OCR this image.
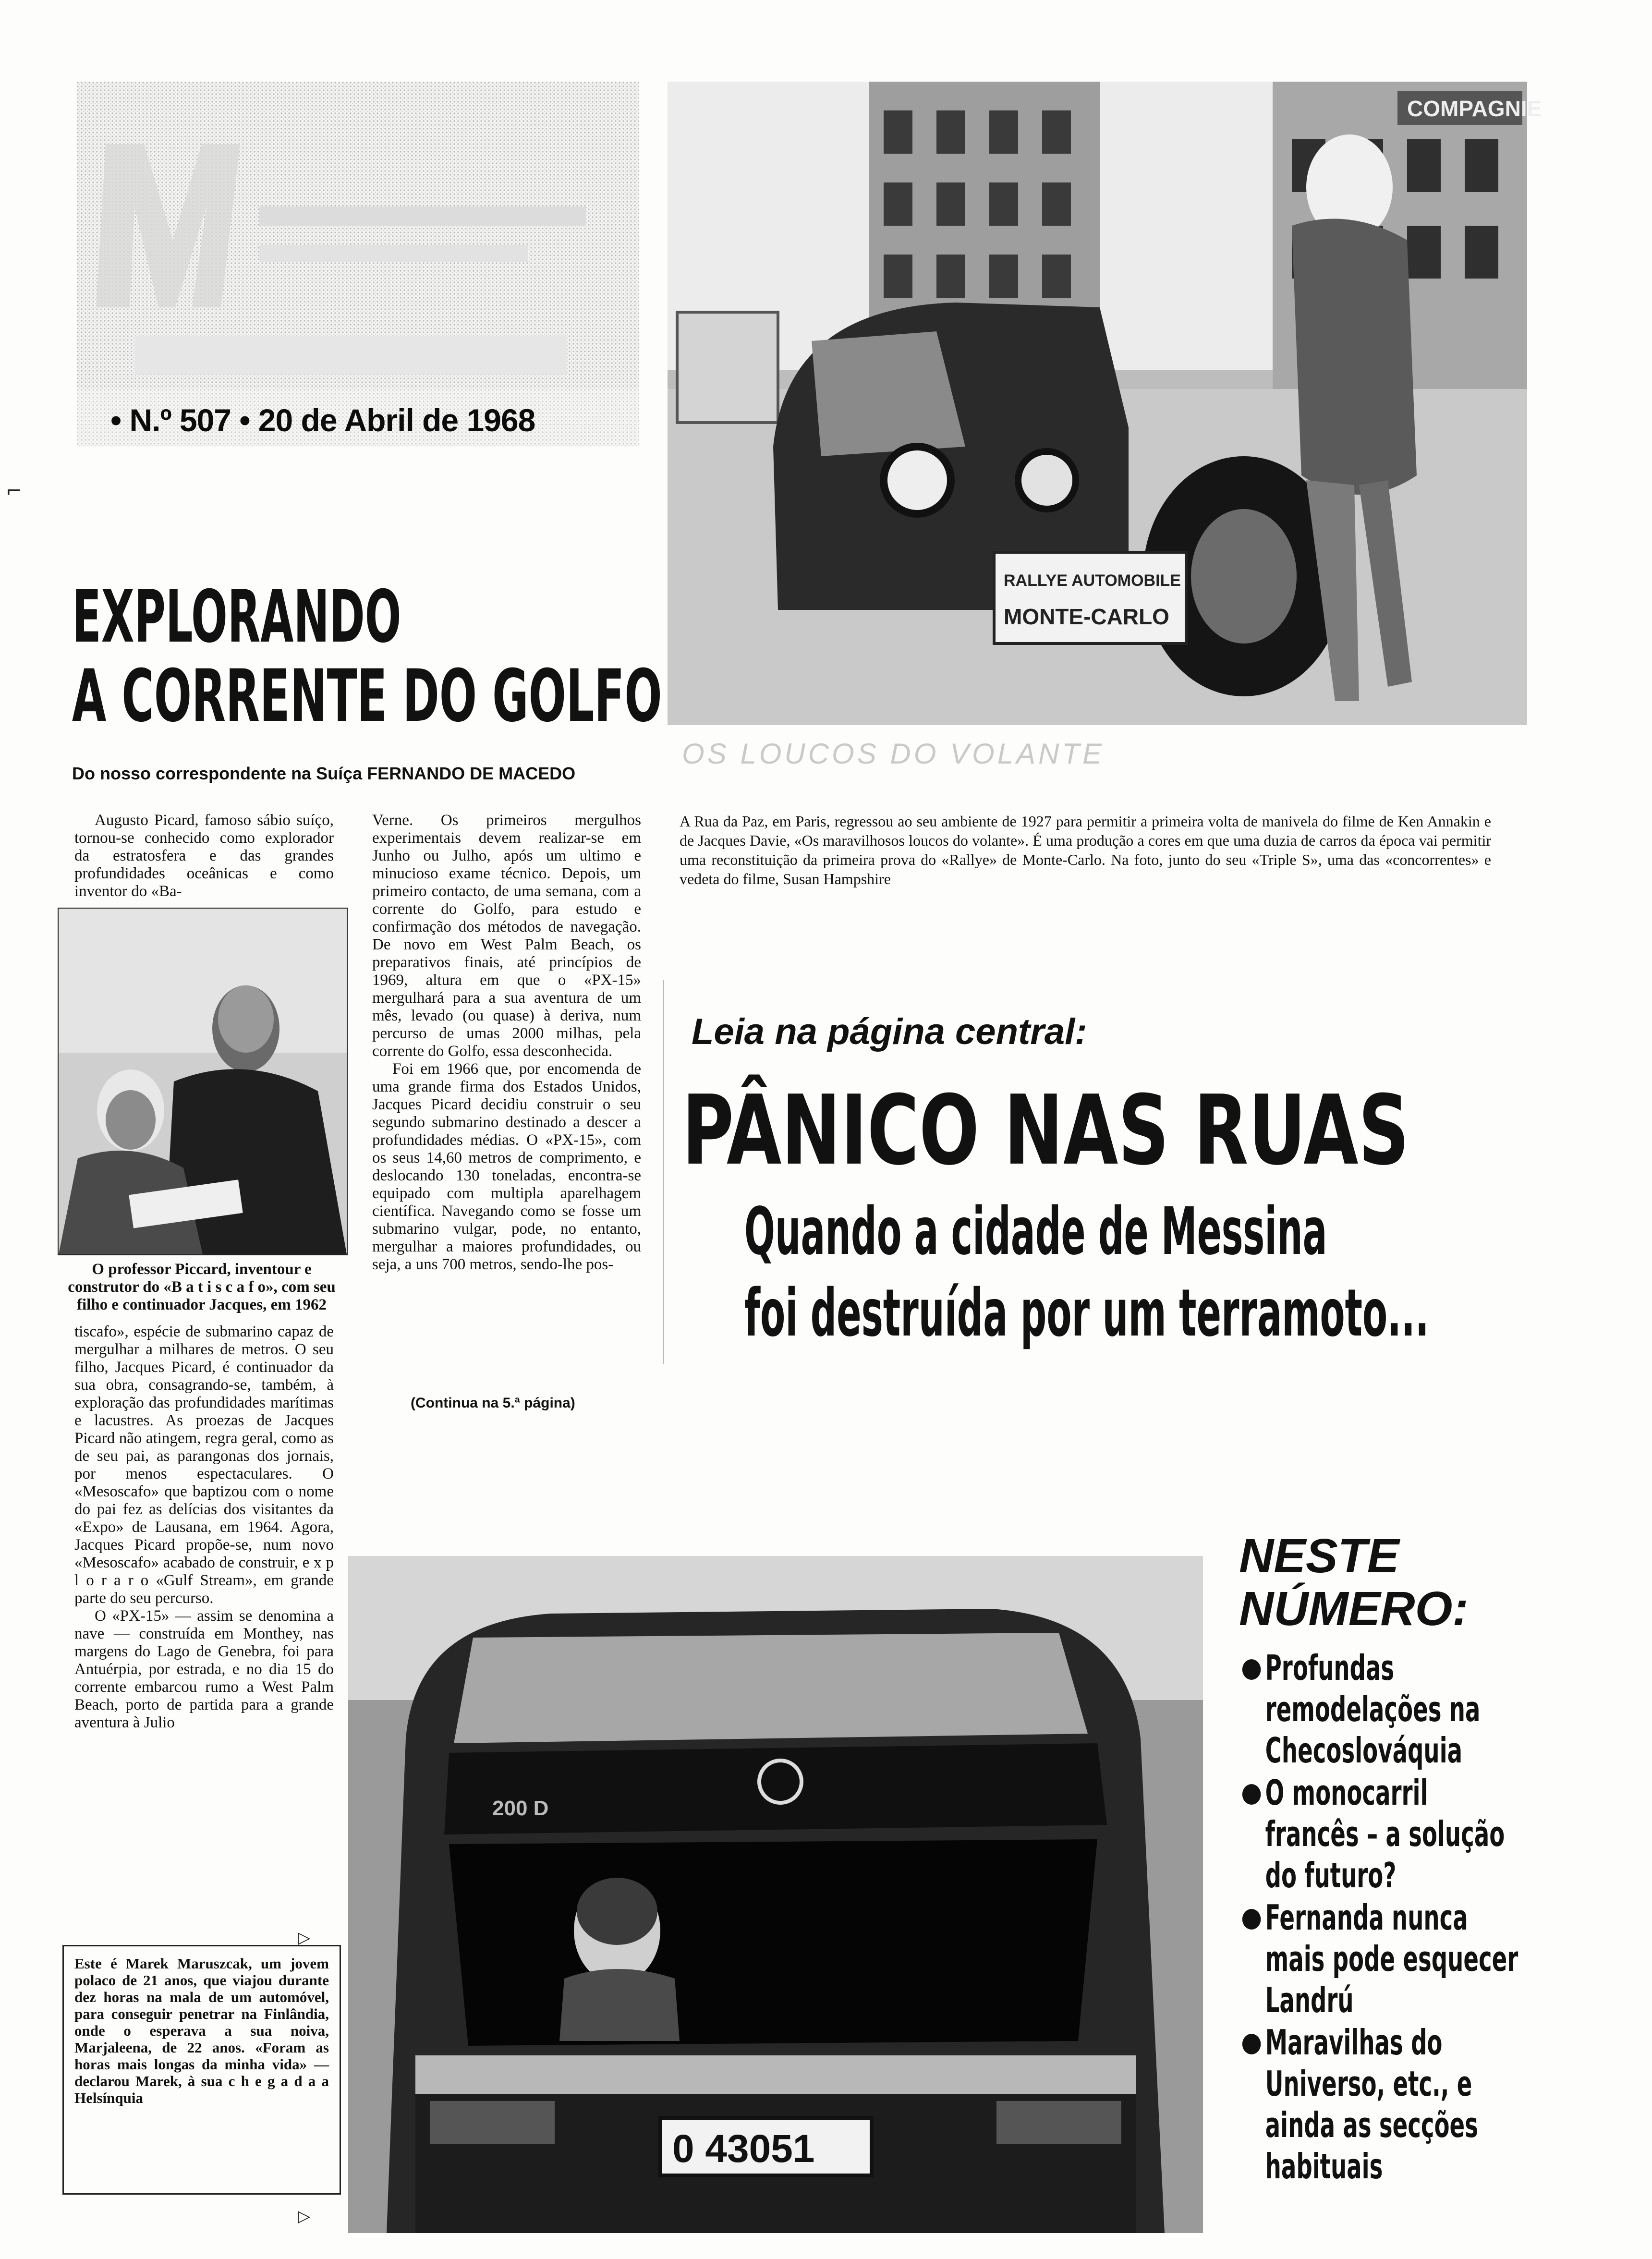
• N.º 507 • 20 de Abril de 1968
EXPLORANDO
A CORRENTE DO GOLFO
Do nosso correspondente na Suíça FERNANDO DE MACEDO

Augusto Picard, famoso sábio suíço, tornou-se conhecido como explorador da estratosfera e das grandes profundidades oceânicas e como inventor do «Ba-

O professor Piccard, inventour e construtor do «B a t i s c a f o», com seu filho e continuador Jacques, em 1962

tiscafo», espécie de submarino capaz de mergulhar a milhares de metros. O seu filho, Jacques Picard, é continuador da sua obra, consagrando-se, também, à exploração das profundidades marítimas e lacustres. As proezas de Jacques Picard não atingem, regra geral, como as de seu pai, as parangonas dos jornais, por menos espectaculares. O «Mesoscafo» que baptizou com o nome do pai fez as delícias dos visitantes da «Expo» de Lausana, em 1964. Agora, Jacques Picard propõe-se, num novo «Mesoscafo» acabado de construir, e x p l o r a r o «Gulf Stream», em grande parte do seu percurso.

O «PX-15» — assim se denomina a nave — construída em Monthey, nas margens do Lago de Genebra, foi para Antuérpia, por estrada, e no dia 15 do corrente embarcou rumo a West Palm Beach, porto de partida para a grande aventura à Julio

Verne. Os primeiros mergulhos experimentais devem realizar-se em Junho ou Julho, após um ultimo e minucioso exame técnico. Depois, um primeiro contacto, de uma semana, com a corrente do Golfo, para estudo e confirmação dos métodos de navegação. De novo em West Palm Beach, os preparativos finais, até princípios de 1969, altura em que o «PX-15» mergulhará para a sua aventura de um mês, levado (ou quase) à deriva, num percurso de umas 2000 milhas, pela corrente do Golfo, essa desconhecida.

Foi em 1966 que, por encomenda de uma grande firma dos Estados Unidos, Jacques Picard decidiu construir o seu segundo submarino destinado a descer a profundidades médias. O «PX-15», com os seus 14,60 metros de comprimento, e deslocando 130 toneladas, encontra-se equipado com multipla aparelhagem científica. Navegando como se fosse um submarino vulgar, pode, no entanto, mergulhar a maiores profundidades, ou seja, a uns 700 metros, sendo-lhe pos-

(Continua na 5.ª página)
COMPAGNIE
RALLYE AUTOMOBILE
MONTE-CARLO
OS LOUCOS DO VOLANTE
A Rua da Paz, em Paris, regressou ao seu ambiente de 1927 para permitir a primeira volta de manivela do filme de Ken Annakin e de Jacques Davie, «Os maravilhosos loucos do volante». É uma produção a cores em que uma duzia de carros da época vai permitir uma reconstituição da primeira prova do «Rallye» de Monte-Carlo. Na foto, junto do seu «Triple S», uma das «concorrentes» e vedeta do filme, Susan Hampshire
Leia na página central:
PÂNICO NAS RUAS
Quando a cidade de Messina
foi destruída por um terramoto...
200 D
0 43051
Este é Marek Maruszcak, um jovem polaco de 21 anos, que viajou durante dez horas na mala de um automóvel, para conseguir penetrar na Finlândia, onde o esperava a sua noiva, Marjaleena, de 22 anos. «Foram as horas mais longas da minha vida» — declarou Marek, à sua c h e g a d a a Helsínquia
NESTE
NÚMERO:
● Profundas remodelações na Checoslováquia
● O monocarril francês – a solução do futuro?
● Fernanda nunca mais pode esquecer Landrú
● Maravilhas do Universo, etc., e ainda as secções habituais
⌐
▷
▷
